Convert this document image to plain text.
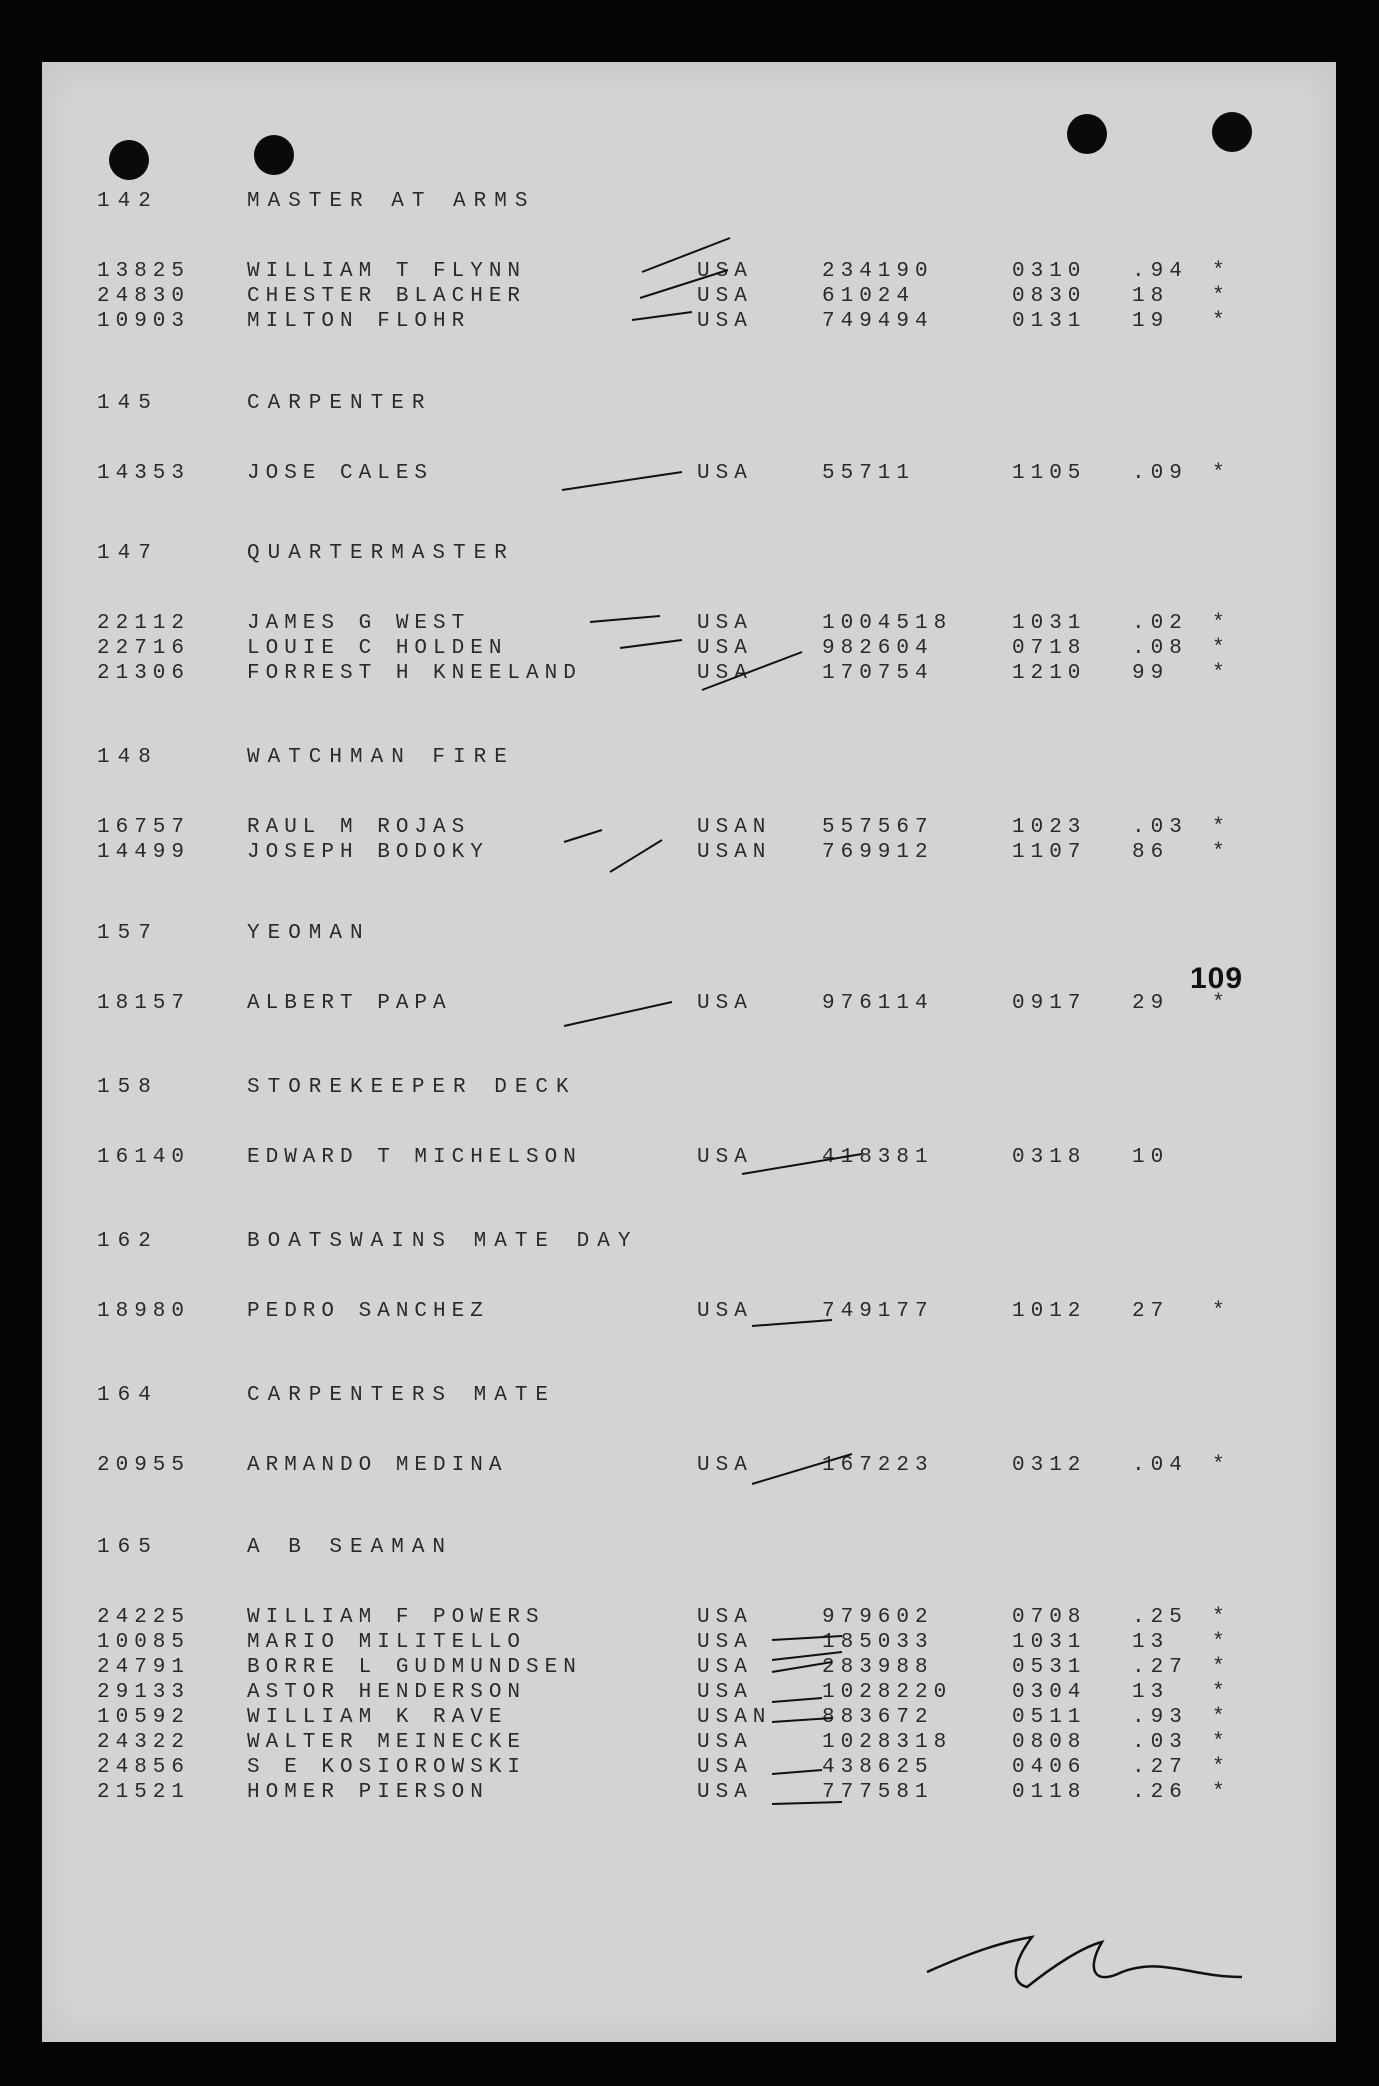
142	MASTER AT ARMS
13825	WILLIAM T FLYNN	USA	234190	0310 .94 *
24830	CHESTER BLACHER	USA	61024	0830 18 *
10903	MILTON FLOHR	USA	749494	0131 19 *
145	CARPENTER
14353	JOSE CALES	USA	55711	1105 .09 *
147	QUARTERMASTER
22112	JAMES G WEST	USA	1004518	1031 .02 *
22716	LOUIE C HOLDEN	USA	982604	0718 .08 *
21306	FORREST H KNEELAND	USA	170754	1210 99 *
148	WATCHMAN FIRE
16757	RAUL M ROJAS	USAN 557567	1023 .03 *
14499	JOSEPH BODOKY	USAN 769912	1107 86 *
157	YEOMAN
18157	ALBERT PAPA	USA	976114	0917 29 *
158	STOREKEEPER DECK
16140	EDWARD T MICHELSON	USA	418381	0318 10
162	BOATSWAINS MATE DAY
18980	PEDRO SANCHEZ	USA	749177	1012 27 *
164	CARPENTERS MATE
20955	ARMANDO MEDINA	USA	167223	0312 .04 *
165	A B SEAMAN
24225	WILLIAM F POWERS	USA	979602	0708 .25 *
10085	MARIO MILITELLO	USA	185033	1031 13 *
24791	BORRE L GUDMUNDSEN	USA	283988	0531 .27 *
29133	ASTOR HENDERSON	USA	1028220	0304 13 *
10592	WILLIAM K RAVE	USAN 883672	0511 .93 *
24322	WALTER MEINECKE	USA	1028318	0808 .03 *
24856	S E KOSIOROWSKI	USA	438625	0406 .27 *
21521	HOMER PIERSON	USA	777581	0118 .26 *
109
